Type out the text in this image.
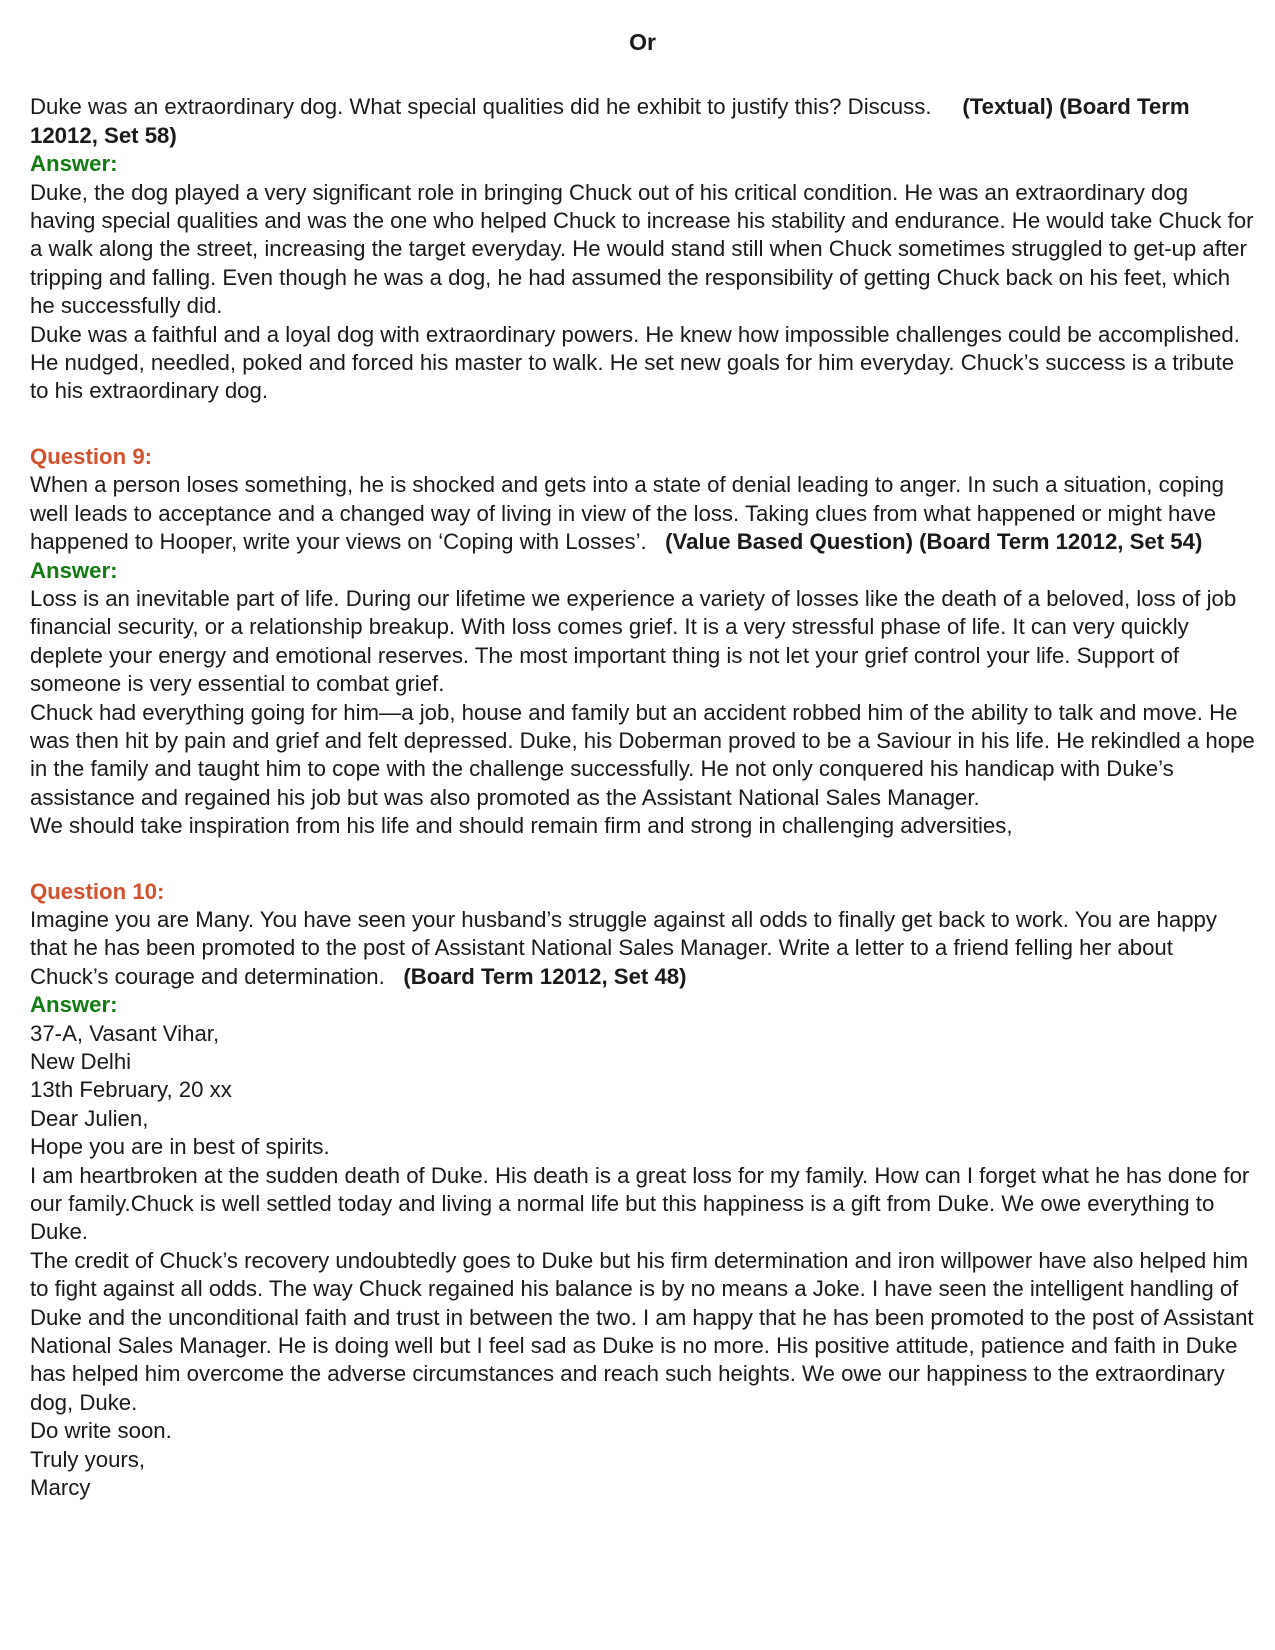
Or

Duke was an extraordinary dog. What special qualities did he exhibit to justify this? Discuss. (Textual) (Board Term 12012, Set 58)

Answer:

Duke, the dog played a very significant role in bringing Chuck out of his critical condition. He was an extraordinary dog having special qualities and was the one who helped Chuck to increase his stability and endurance. He would take Chuck for a walk along the street, increasing the target everyday. He would stand still when Chuck sometimes struggled to get-up after tripping and falling. Even though he was a dog, he had assumed the responsibility of getting Chuck back on his feet, which he successfully did.

Duke was a faithful and a loyal dog with extraordinary powers. He knew how impossible challenges could be accomplished. He nudged, needled, poked and forced his master to walk. He set new goals for him everyday. Chuck’s success is a tribute to his extraordinary dog.

Question 9:

When a person loses something, he is shocked and gets into a state of denial leading to anger. In such a situation, coping well leads to acceptance and a changed way of living in view of the loss. Taking clues from what happened or might have happened to Hooper, write your views on ‘Coping with Losses’. (Value Based Question) (Board Term 12012, Set 54)

Answer:

Loss is an inevitable part of life. During our lifetime we experience a variety of losses like the death of a beloved, loss of job financial security, or a relationship breakup. With loss comes grief. It is a very stressful phase of life. It can very quickly deplete your energy and emotional reserves. The most important thing is not let your grief control your life. Support of someone is very essential to combat grief.

Chuck had everything going for him—a job, house and family but an accident robbed him of the ability to talk and move. He was then hit by pain and grief and felt depressed. Duke, his Doberman proved to be a Saviour in his life. He rekindled a hope in the family and taught him to cope with the challenge successfully. He not only conquered his handicap with Duke’s assistance and regained his job but was also promoted as the Assistant National Sales Manager.

We should take inspiration from his life and should remain firm and strong in challenging adversities,

Question 10:

Imagine you are Many. You have seen your husband’s struggle against all odds to finally get back to work. You are happy that he has been promoted to the post of Assistant National Sales Manager. Write a letter to a friend felling her about Chuck’s courage and determination. (Board Term 12012, Set 48)

Answer:

37-A, Vasant Vihar,
New Delhi
13th February, 20 xx
Dear Julien,
Hope you are in best of spirits.

I am heartbroken at the sudden death of Duke. His death is a great loss for my family. How can I forget what he has done for our family.Chuck is well settled today and living a normal life but this happiness is a gift from Duke. We owe everything to Duke.

The credit of Chuck’s recovery undoubtedly goes to Duke but his firm determination and iron willpower have also helped him to fight against all odds. The way Chuck regained his balance is by no means a Joke. I have seen the intelligent handling of Duke and the unconditional faith and trust in between the two. I am happy that he has been promoted to the post of Assistant National Sales Manager. He is doing well but I feel sad as Duke is no more. His positive attitude, patience and faith in Duke has helped him overcome the adverse circumstances and reach such heights. We owe our happiness to the extraordinary dog, Duke.

Do write soon.
Truly yours,
Marcy
